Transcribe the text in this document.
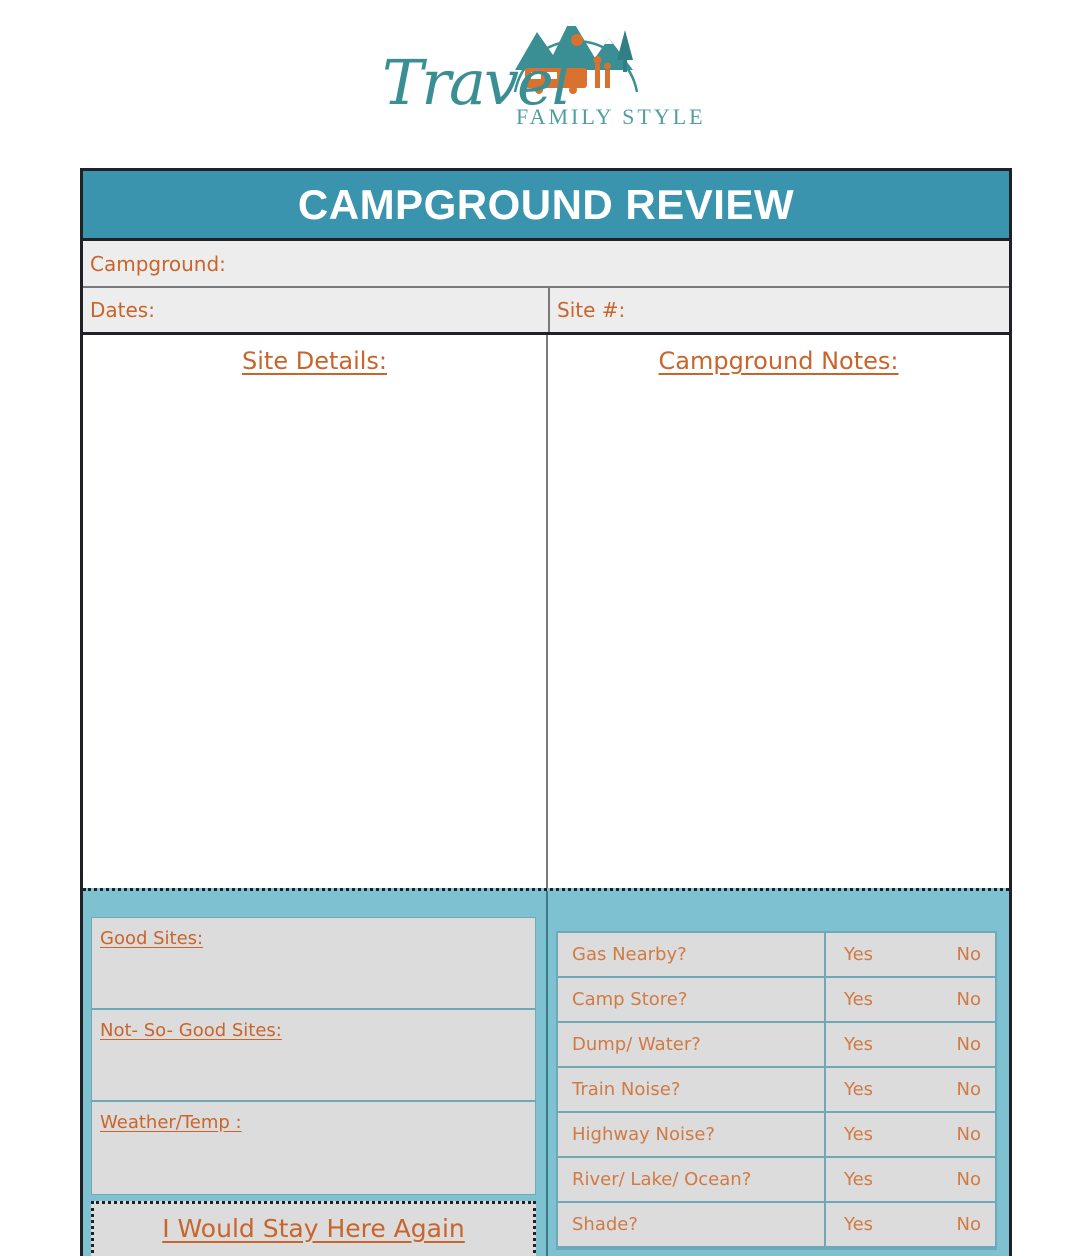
Travel
FAMILY STYLE
CAMPGROUND REVIEW
Campground:
Dates:	Site #:
Site Details:	Campground Notes:
Good Sites:
Not- So- Good Sites:
Weather/Temp :
I Would Stay Here Again
Gas Nearby?	Yes	No
Camp Store?	Yes	No
Dump/ Water?	Yes	No
Train Noise?	Yes	No
Highway Noise?	Yes	No
River/ Lake/ Ocean?	Yes	No
Shade?	Yes	No
